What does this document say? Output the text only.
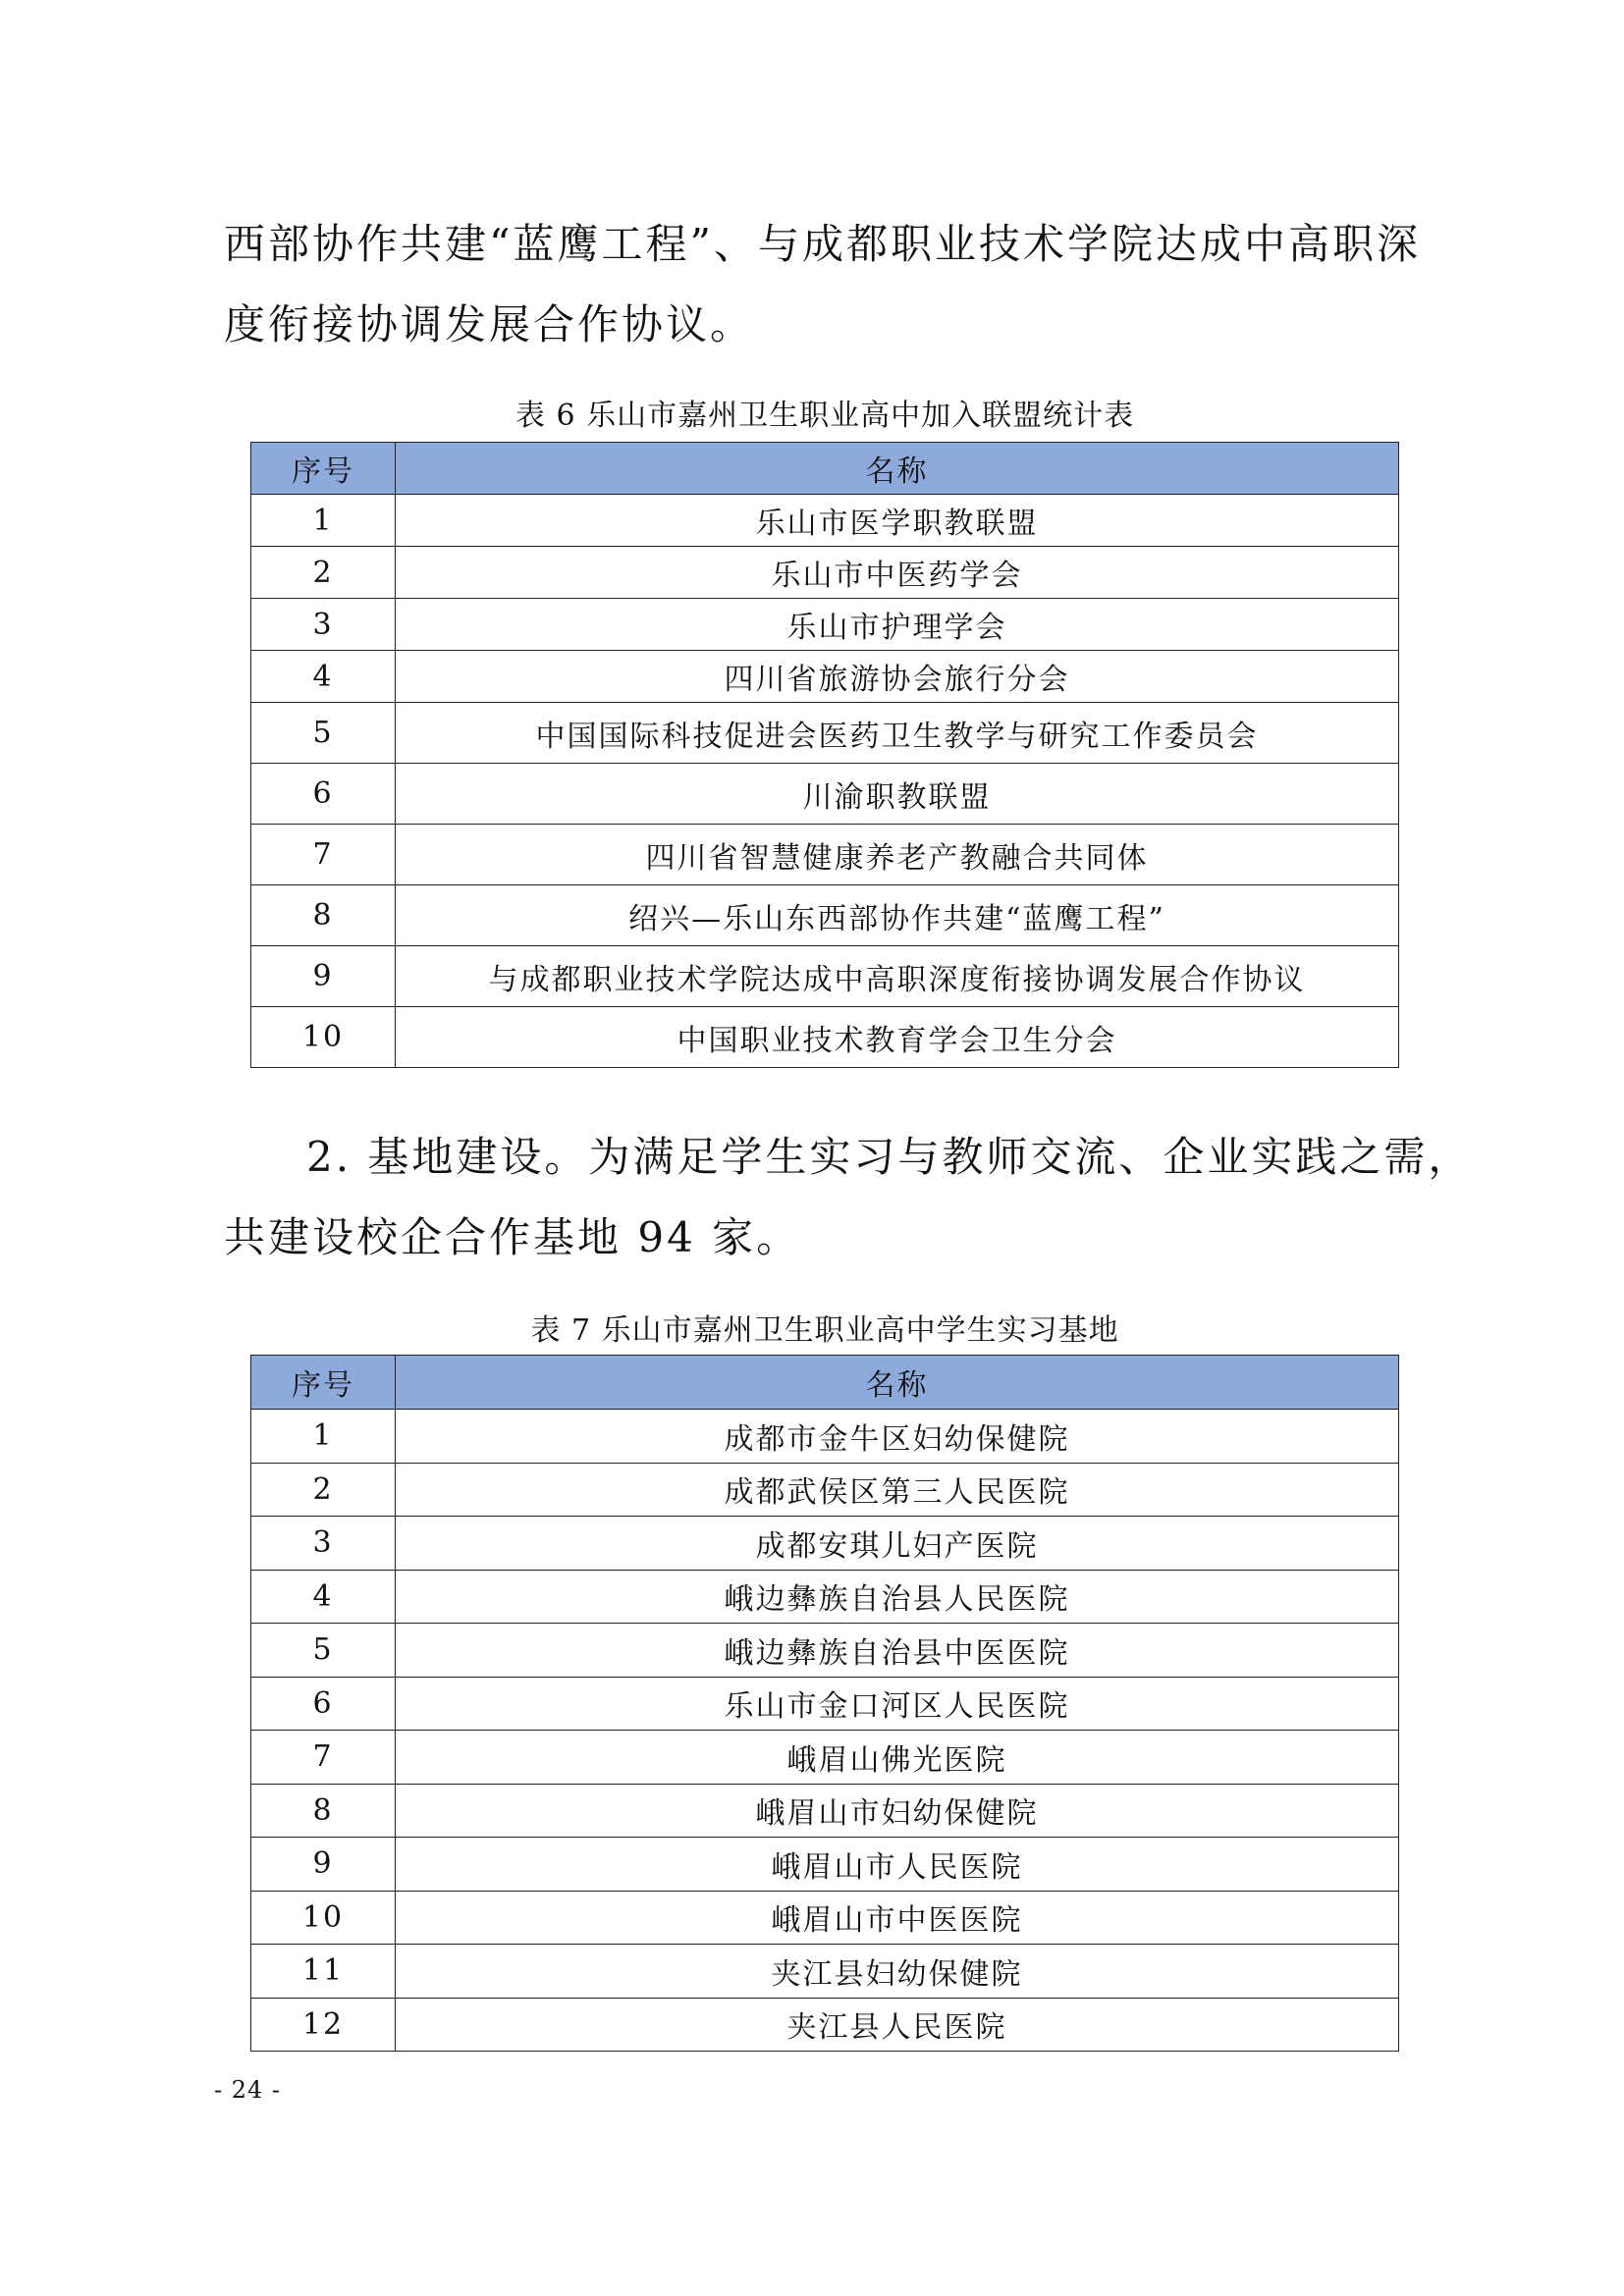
西部协作共建“蓝鹰工程”、与成都职业技术学院达成中高职深
度衔接协调发展合作协议。

表 6 乐山市嘉州卫生职业高中加入联盟统计表

序号	名称
1	乐山市医学职教联盟
2	乐山市中医药学会
3	乐山市护理学会
4	四川省旅游协会旅行分会
5	中国国际科技促进会医药卫生教学与研究工作委员会
6	川渝职教联盟
7	四川省智慧健康养老产教融合共同体
8	绍兴—乐山东西部协作共建“蓝鹰工程”
9	与成都职业技术学院达成中高职深度衔接协调发展合作协议
10	中国职业技术教育学会卫生分会
2. 基地建设。为满足学生实习与教师交流、企业实践之需，
共建设校企合作基地 94 家。

表 7 乐山市嘉州卫生职业高中学生实习基地

序号	名称
1	成都市金牛区妇幼保健院
2	成都武侯区第三人民医院
3	成都安琪儿妇产医院
4	峨边彝族自治县人民医院
5	峨边彝族自治县中医医院
6	乐山市金口河区人民医院
7	峨眉山佛光医院
8	峨眉山市妇幼保健院
9	峨眉山市人民医院
10	峨眉山市中医医院
11	夹江县妇幼保健院
12	夹江县人民医院
- 24 -
